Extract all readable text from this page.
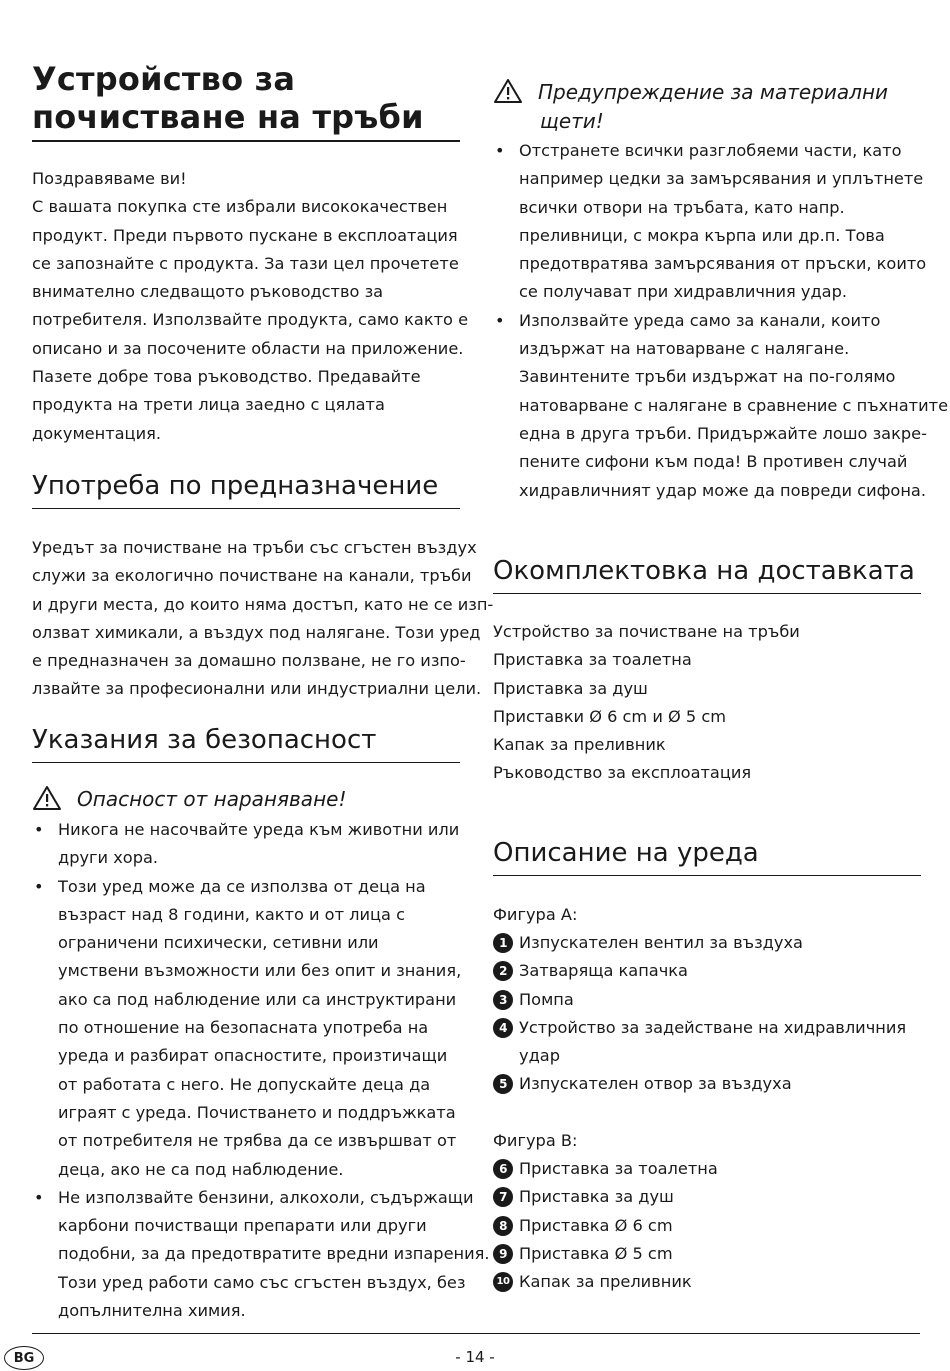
Устройство за
почистване на тръби
Поздравяваме ви!
С вашата покупка сте избрали висококачествен
продукт. Преди първото пускане в експлоатация
се запознайте с продукта. За тази цел прочетете
внимателно следващото ръководство за
потребителя. Използвайте продукта, само както е
описано и за посочените области на приложение.
Пазете добре това ръководство. Предавайте
продукта на трети лица заедно с цялата
документация.
Употреба по предназначение
Уредът за почистване на тръби със сгъстен въздух
служи за екологично почистване на канали, тръби
и други места, до които няма достъп, като не се изп-
олзват химикали, а въздух под налягане. Този уред
е предназначен за домашно ползване, не го изпо-
лзвайте за професионални или индустриални цели.
Указания за безопасност
Опасност от нараняване!
• Никога не насочвайте уреда към животни или
други хора.
• Този уред може да се използва от деца на
възраст над 8 години, както и от лица с
ограничени психически, сетивни или
умствени възможности или без опит и знания,
ако са под наблюдение или са инструктирани
по отношение на безопасната употреба на
уреда и разбират опасностите, произтичащи
от работата с него. Не допускайте деца да
играят с уреда. Почистването и поддръжката
от потребителя не трябва да се извършват от
деца, ако не са под наблюдение.
• Не използвайте бензини, алкохоли, съдържащи
карбони почистващи препарати или други
подобни, за да предотвратите вредни изпарения.
Този уред работи само със сгъстен въздух, без
допълнителна химия.
Предупреждение за материални
щети!
• Отстранете всички разглобяеми части, като
например цедки за замърсявания и уплътнете
всички отвори на тръбата, като напр.
преливници, с мокра кърпа или др.п. Това
предотвратява замърсявания от пръски, които
се получават при хидравличния удар.
• Използвайте уреда само за канали, които
издържат на натоварване с налягане.
Завинтените тръби издържат на по-голямо
натоварване с налягане в сравнение с пъхнатите
една в друга тръби. Придържайте лошо закре-
пените сифони към пода! В противен случай
хидравличният удар може да повреди сифона.
Окомплектовка на доставката
Устройство за почистване на тръби
Приставка за тоалетна
Приставка за душ
Приставки Ø 6 cm и Ø 5 cm
Капак за преливник
Ръководство за експлоатация
Описание на уреда
Фигура А:
1 Изпускателен вентил за въздуха
2 Затваряща капачка
3 Помпа
4 Устройство за задействане на хидравличния
удар
5 Изпускателен отвор за въздуха
Фигура В:
6 Приставка за тоалетна
7 Приставка за душ
8 Приставка Ø 6 cm
9 Приставка Ø 5 cm
10 Капак за преливник
BG	- 14 -
